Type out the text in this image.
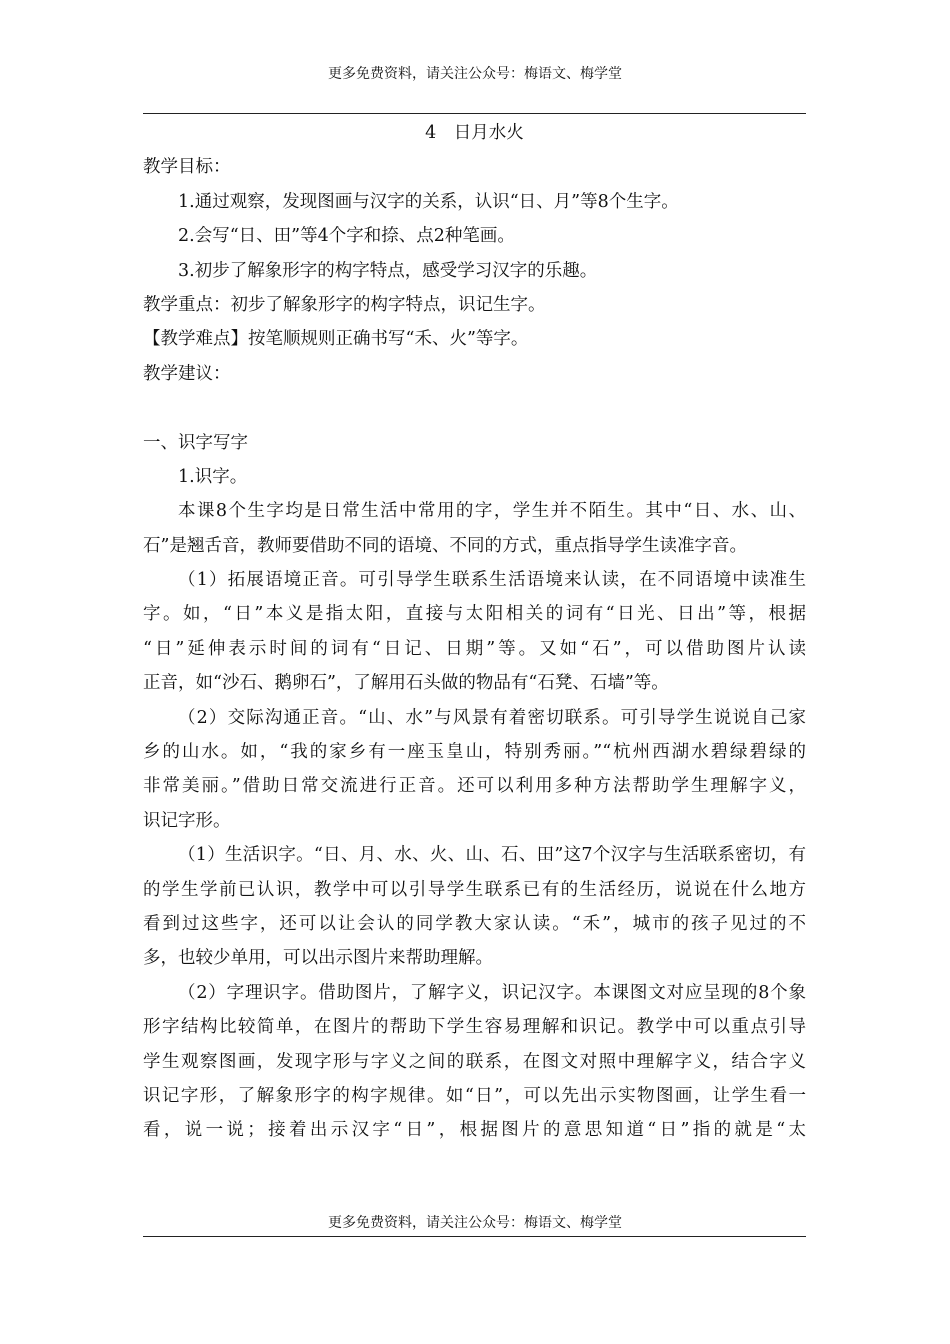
更多免费资料，请关注公众号：梅语文、梅学堂
4　日月水火
教学目标：
1.通过观察，发现图画与汉字的关系，认识“日、月”等8个生字。
2.会写“日、田”等4个字和捺、点2种笔画。
3.初步了解象形字的构字特点，感受学习汉字的乐趣。
教学重点：初步了解象形字的构字特点，识记生字。
【教学难点】按笔顺规则正确书写“禾、火”等字。
教学建议：
一、识字写字
1.识字。
本课8个生字均是日常生活中常用的字，学生并不陌生。其中“日、水、山、
石”是翘舌音，教师要借助不同的语境、不同的方式，重点指导学生读准字音。
（1）拓展语境正音。可引导学生联系生活语境来认读，在不同语境中读准生
字。如，“日”本义是指太阳，直接与太阳相关的词有“日光、日出”等，根据
“日”延伸表示时间的词有“日记、日期”等。又如“石”，可以借助图片认读
正音，如“沙石、鹅卵石”，了解用石头做的物品有“石凳、石墙”等。
（2）交际沟通正音。“山、水”与风景有着密切联系。可引导学生说说自己家
乡的山水。如，“我的家乡有一座玉皇山，特别秀丽。”“杭州西湖水碧绿碧绿的
非常美丽。”借助日常交流进行正音。还可以利用多种方法帮助学生理解字义，
识记字形。
（1）生活识字。“日、月、水、火、山、石、田”这7个汉字与生活联系密切，有
的学生学前已认识，教学中可以引导学生联系已有的生活经历，说说在什么地方
看到过这些字，还可以让会认的同学教大家认读。“禾”，城市的孩子见过的不
多，也较少单用，可以出示图片来帮助理解。
（2）字理识字。借助图片，了解字义，识记汉字。本课图文对应呈现的8个象
形字结构比较简单，在图片的帮助下学生容易理解和识记。教学中可以重点引导
学生观察图画，发现字形与字义之间的联系，在图文对照中理解字义，结合字义
识记字形，了解象形字的构字规律。如“日”，可以先出示实物图画，让学生看一
看，说一说；接着出示汉字“日”，根据图片的意思知道“日”指的就是“太
更多免费资料，请关注公众号：梅语文、梅学堂
